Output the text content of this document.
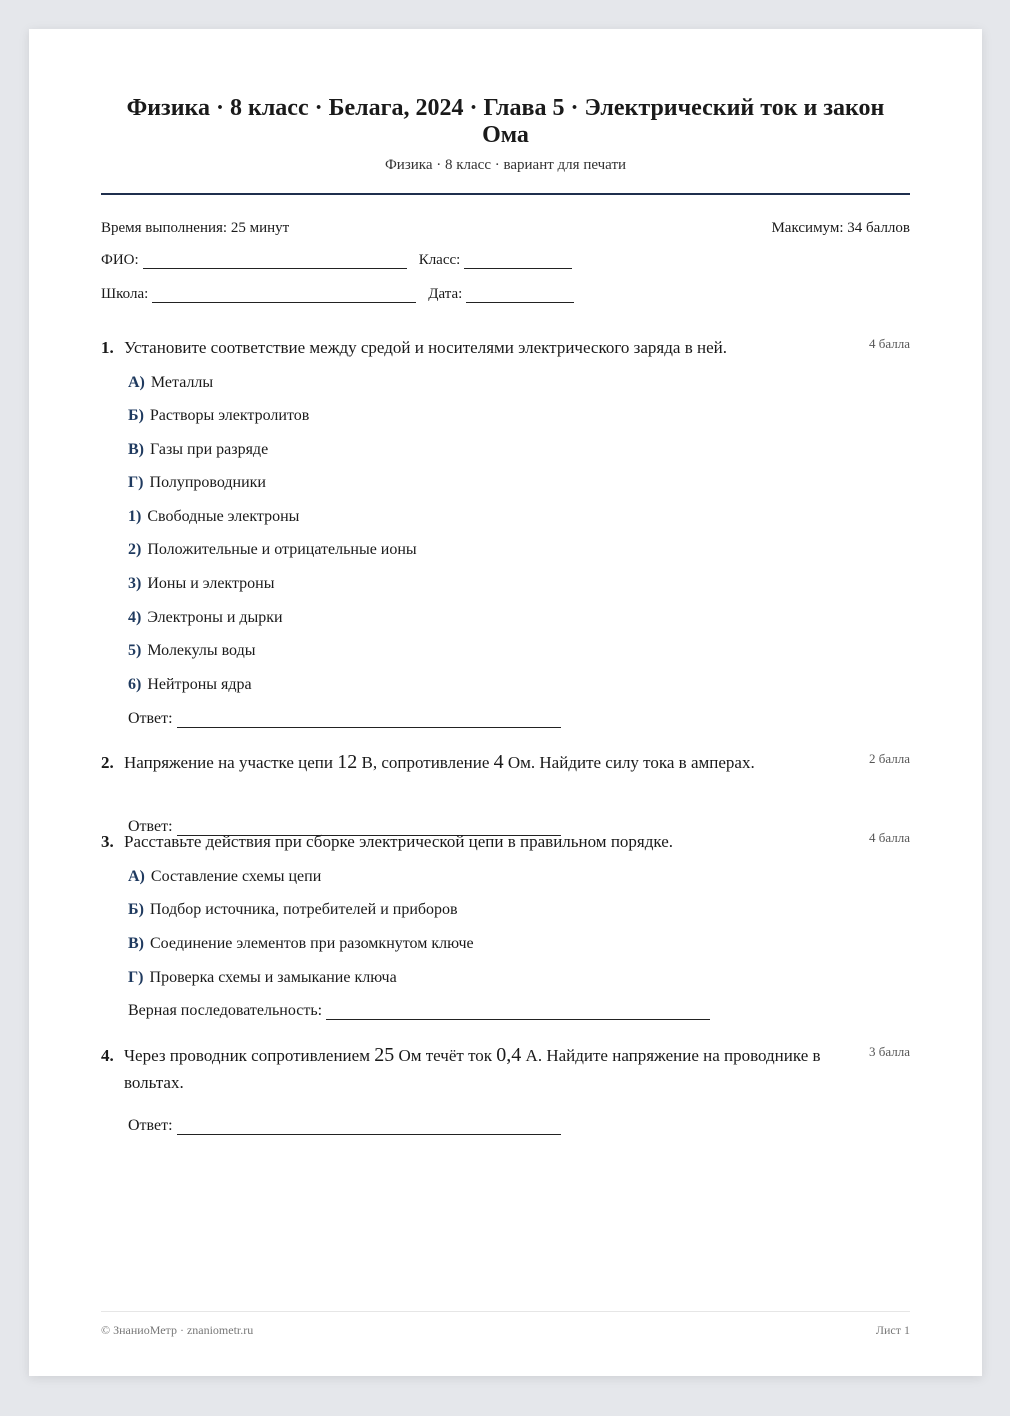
Физика · 8 класс · Белага, 2024 · Глава 5 · Электрический ток и закон Ома
Физика · 8 класс · вариант для печати
Время выполнения: 25 минут	Максимум: 34 баллов
ФИО:	Класс:
Школа:	Дата:
1. Установите соответствие между средой и носителями электрического заряда в ней.	4 балла
А) Металлы
Б) Растворы электролитов
В) Газы при разряде
Г) Полупроводники
1) Свободные электроны
2) Положительные и отрицательные ионы
3) Ионы и электроны
4) Электроны и дырки
5) Молекулы воды
6) Нейтроны ядра
Ответ:
2. Напряжение на участке цепи 12 В, сопротивление 4 Ом. Найдите силу тока в амперах.	2 балла
Ответ:
3. Расставьте действия при сборке электрической цепи в правильном порядке.	4 балла
А) Составление схемы цепи
Б) Подбор источника, потребителей и приборов
В) Соединение элементов при разомкнутом ключе
Г) Проверка схемы и замыкание ключа
Верная последовательность:
4. Через проводник сопротивлением 25 Ом течёт ток 0,4 А. Найдите напряжение на проводнике в вольтах.
3 балла
Ответ:
© ЗнаниоМетр · znaniometr.ru	Лист 1
